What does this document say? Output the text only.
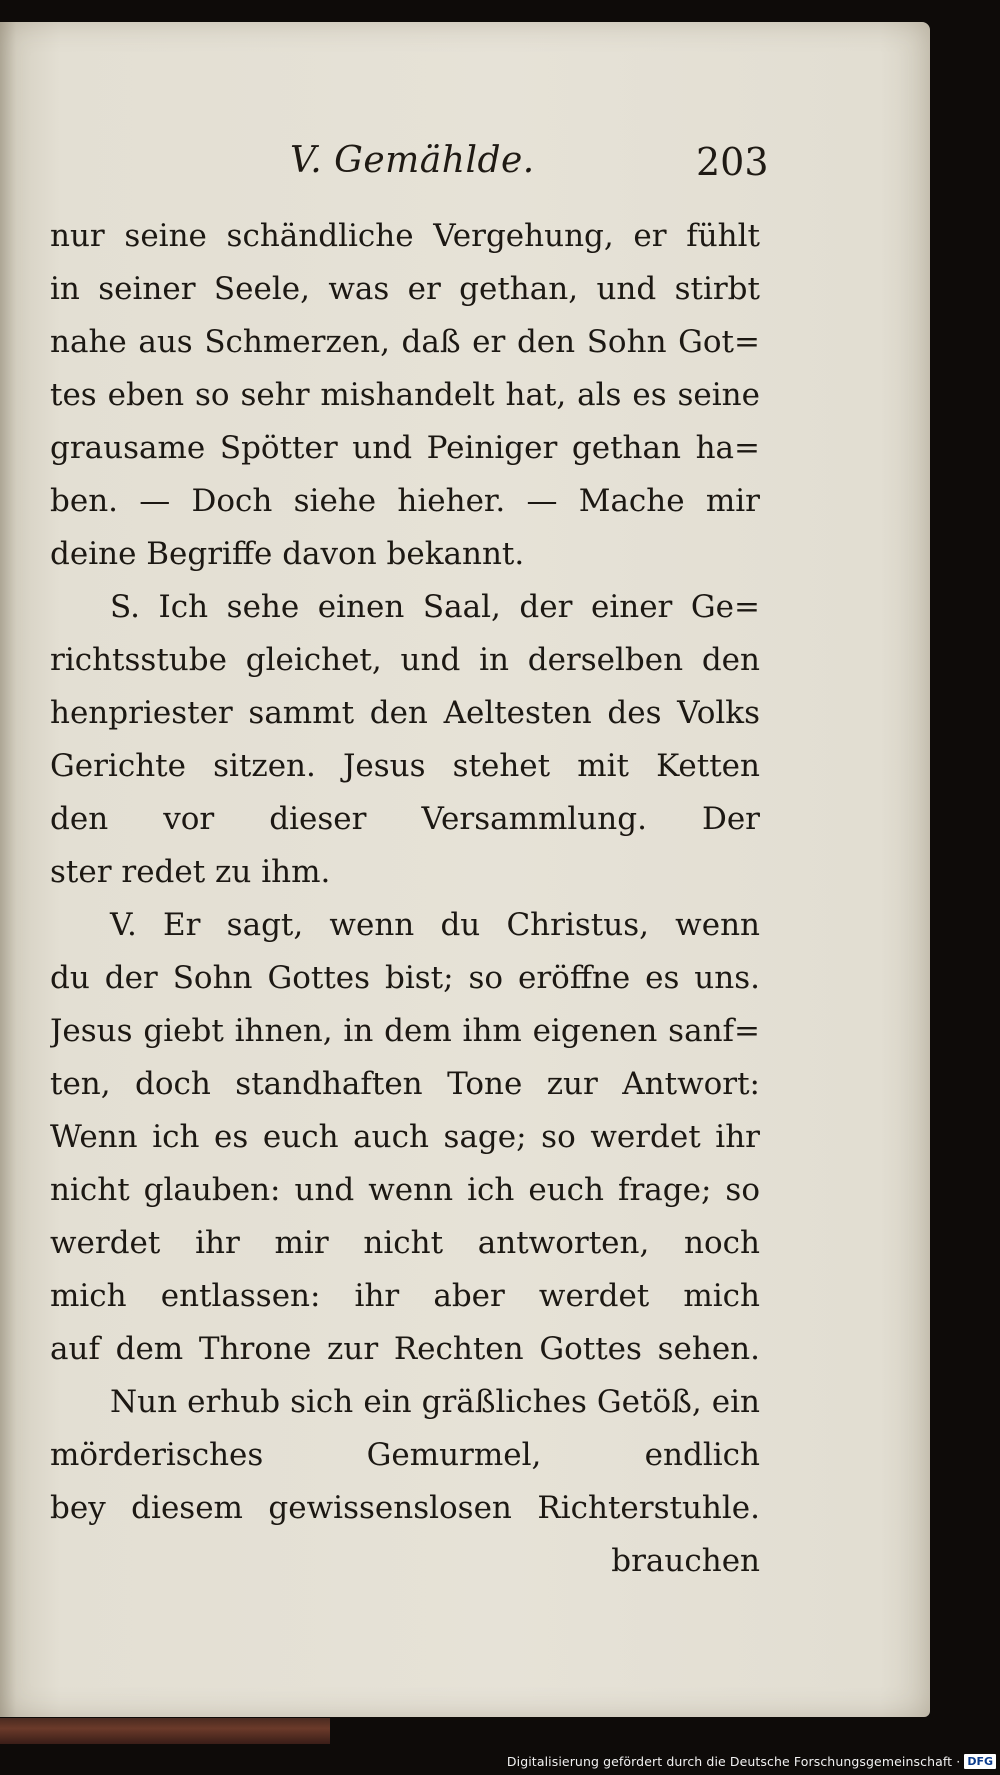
V. Gemählde.	203
nur seine schändliche Vergehung, er fühlt
in seiner Seele, was er gethan, und stirbt
nahe aus Schmerzen, daß er den Sohn Got=
tes eben so sehr mishandelt hat, als es seine
grausame Spötter und Peiniger gethan ha=
ben. — Doch siehe hieher. — Mache mir
deine Begriffe davon bekannt.
S. Ich sehe einen Saal, der einer Ge=
richtsstube gleichet, und in derselben den
henpriester sammt den Aeltesten des Volks
Gerichte sitzen. Jesus stehet mit Ketten
den vor dieser Versammlung. Der
ster redet zu ihm.
V. Er sagt, wenn du Christus, wenn
du der Sohn Gottes bist; so eröffne es uns.
Jesus giebt ihnen, in dem ihm eigenen sanf=
ten, doch standhaften Tone zur Antwort:
Wenn ich es euch auch sage; so werdet ihr
nicht glauben: und wenn ich euch frage; so
werdet ihr mir nicht antworten, noch
mich entlassen: ihr aber werdet mich
auf dem Throne zur Rechten Gottes sehen.
Nun erhub sich ein gräßliches Getöß, ein
mörderisches Gemurmel, endlich
bey diesem gewissenslosen Richterstuhle.
brauchen
Digitalisierung gefördert durch die Deutsche Forschungsgemeinschaft · DFG
